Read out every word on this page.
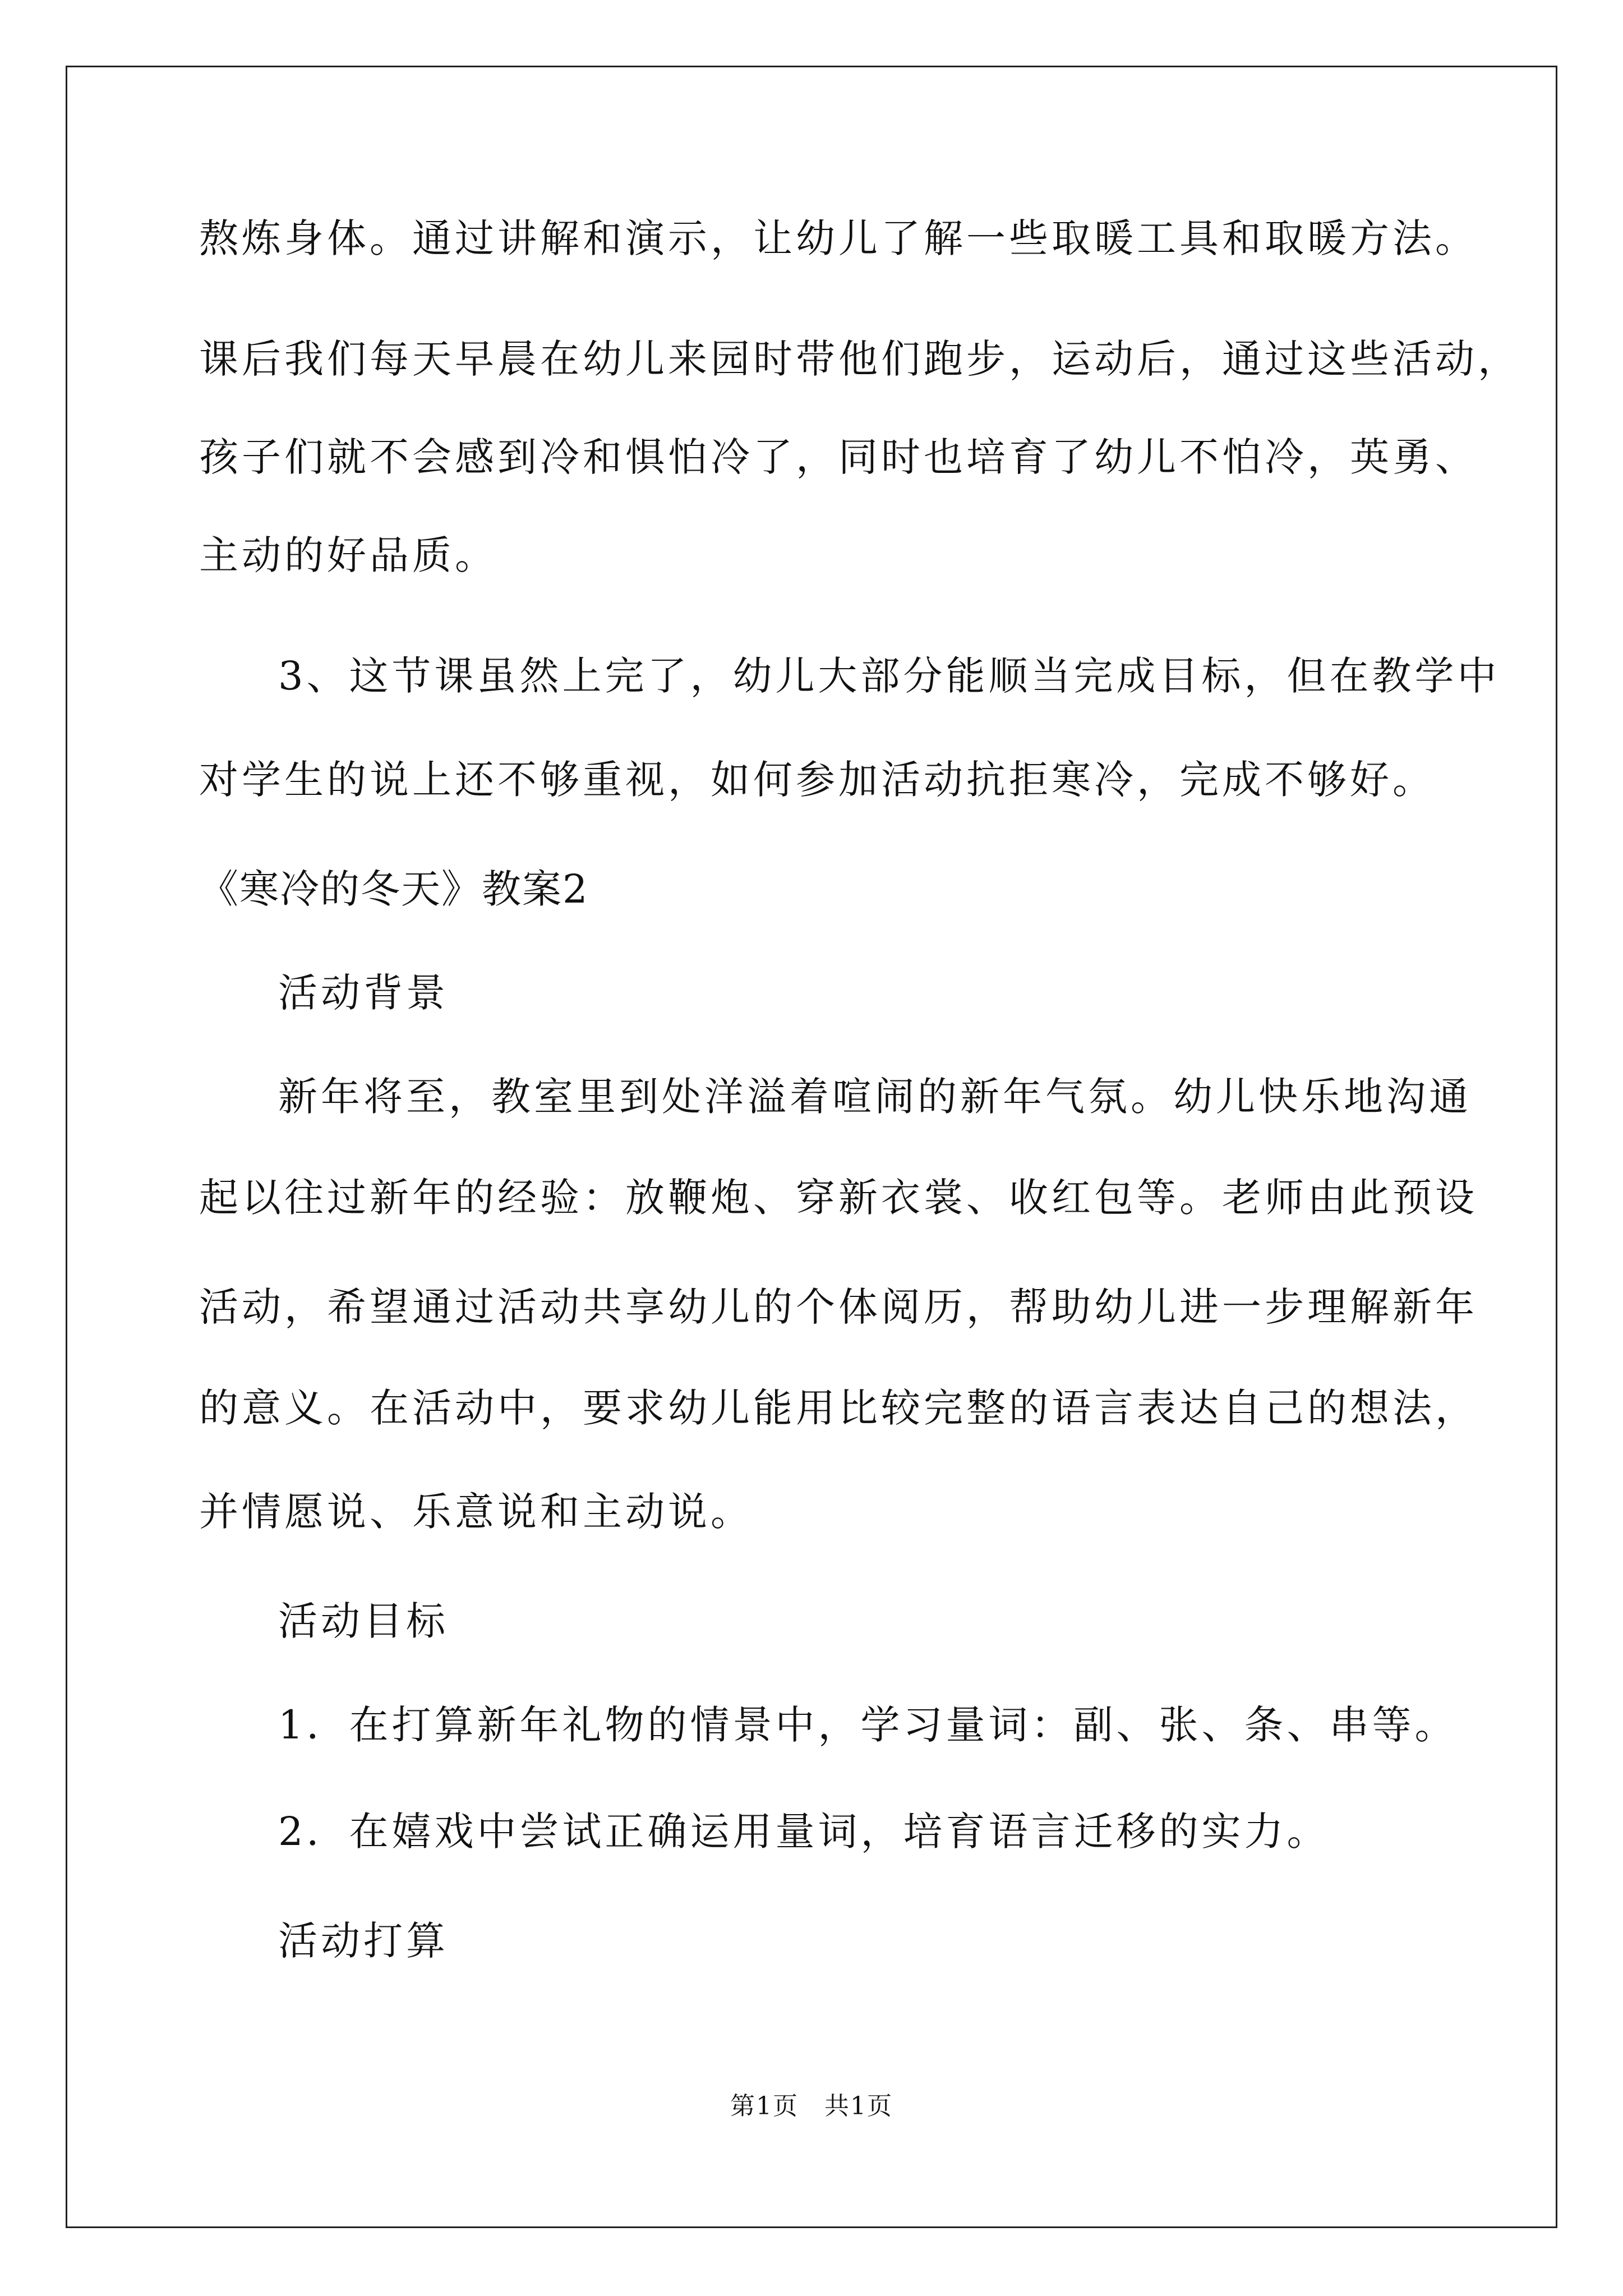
熬炼身体。通过讲解和演示，让幼儿了解一些取暖工具和取暖方法。
课后我们每天早晨在幼儿来园时带他们跑步，运动后，通过这些活动，
孩子们就不会感到冷和惧怕冷了，同时也培育了幼儿不怕冷，英勇、
主动的好品质。
3、这节课虽然上完了，幼儿大部分能顺当完成目标，但在教学中
对学生的说上还不够重视，如何参加活动抗拒寒冷，完成不够好。
《寒冷的冬天》教案2
活动背景
新年将至，教室里到处洋溢着喧闹的新年气氛。幼儿快乐地沟通
起以往过新年的经验：放鞭炮、穿新衣裳、收红包等。老师由此预设
活动，希望通过活动共享幼儿的个体阅历，帮助幼儿进一步理解新年
的意义。在活动中，要求幼儿能用比较完整的语言表达自己的想法，
并情愿说、乐意说和主动说。
活动目标
1．在打算新年礼物的情景中，学习量词：副、张、条、串等。
2．在嬉戏中尝试正确运用量词，培育语言迁移的实力。
活动打算
第1页　共1页
